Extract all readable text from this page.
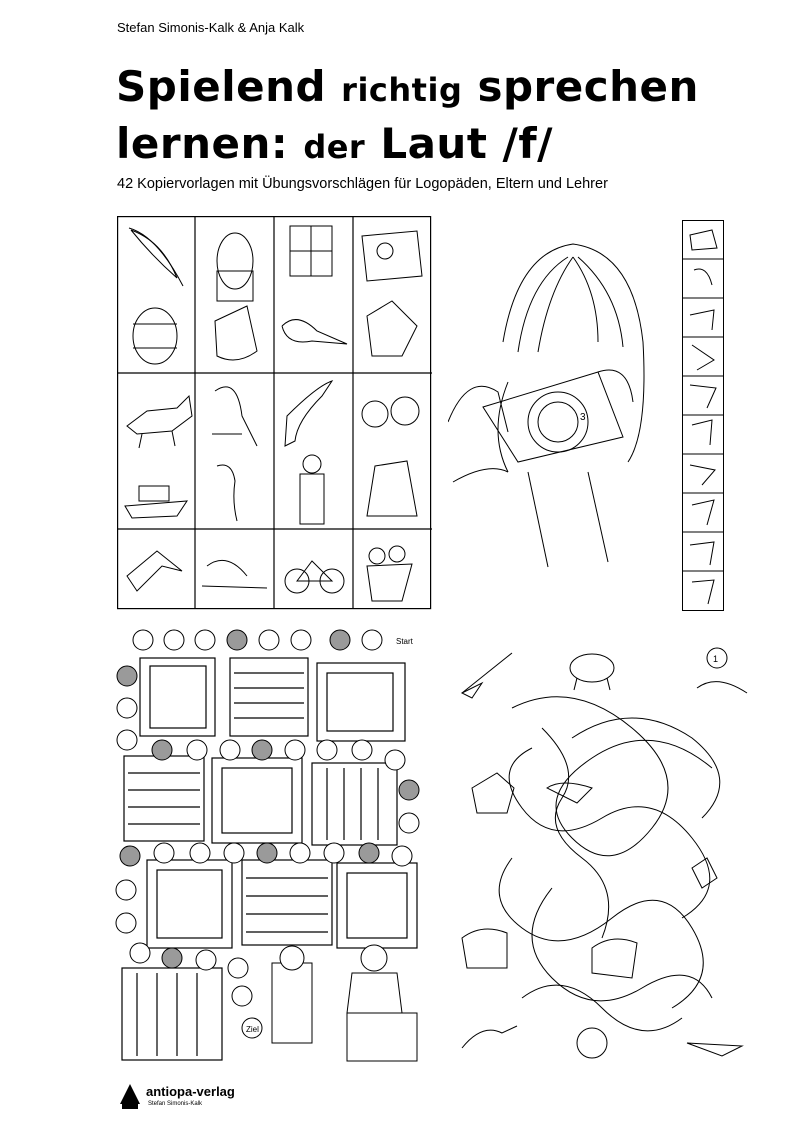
Stefan Simonis-Kalk & Anja Kalk
Spielend richtig sprechen
lernen: der Laut /f/
42 Kopiervorlagen mit Übungsvorschlägen für Logopäden, Eltern und Lehrer
3
Start
Ziel
1
antiopa-verlag
Stefan Simonis-Kalk
